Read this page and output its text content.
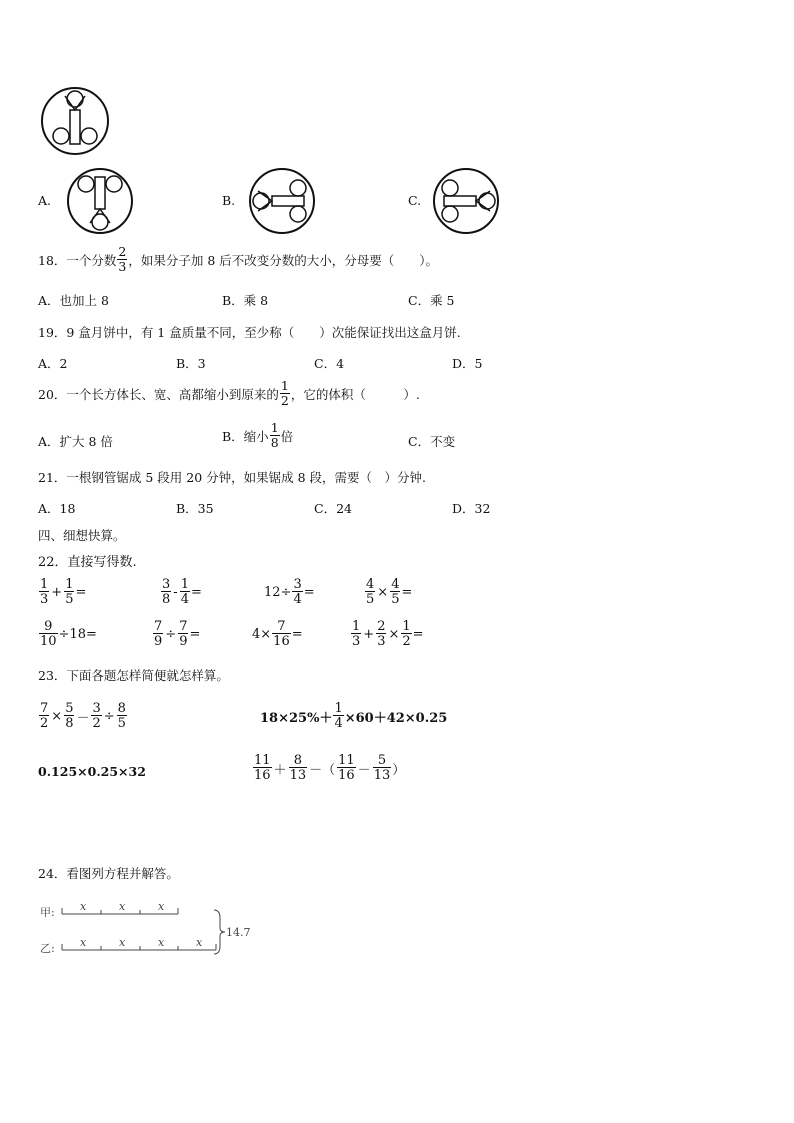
A.	B.	C.
18．一个分数 $\frac{2}{3}$ ，如果分子加 8 后不改变分数的大小，分母要（　　）。
A．也加上 8	B．乘 8	C．乘 5
19．9 盒月饼中，有 1 盒质量不同，至少称（　　）次能保证找出这盒月饼.
A．2	B．3	C．4	D．5
20．一个长方体长、宽、高都缩小到原来的 $\frac{1}{2}$ ，它的体积（　　　）.
A．扩大 8 倍	B．缩小 $\frac{1}{8}$ 倍	C．不变
21．一根钢管锯成 5 段用 20 分钟，如果锯成 8 段，需要（　）分钟.
A．18	B．35	C．24	D．32
四、细想快算。
22．直接写得数.
$\frac{1}{3} + \frac{1}{5}$ =	$\frac{3}{8} - \frac{1}{4}$ =	$12\div \frac{3}{4}$ =	$\frac{4}{5} \times \frac{4}{5}$ =
$\frac{9}{10} \div 18=$	$\frac{7}{9} \div \frac{7}{9}$ =	$4\times \frac{7}{16}$ =	$\frac{1}{3} + \frac{2}{3} \times \frac{1}{2}$ =
23．下面各题怎样简便就怎样算。
$\frac{7}{2} \times \frac{5}{8} - \frac{3}{2} \div \frac{8}{5}$	$18\times 25\%+ \frac{1}{4} \times 60+42\times 0.25$
0.125×0.25×32	$\frac{11}{16} + \frac{8}{13}$ －（ $\frac{11}{16} - \frac{5}{13}$ ）
24．看图列方程并解答。
甲:
乙:
x	x	x
x	x	x	x
14.7
